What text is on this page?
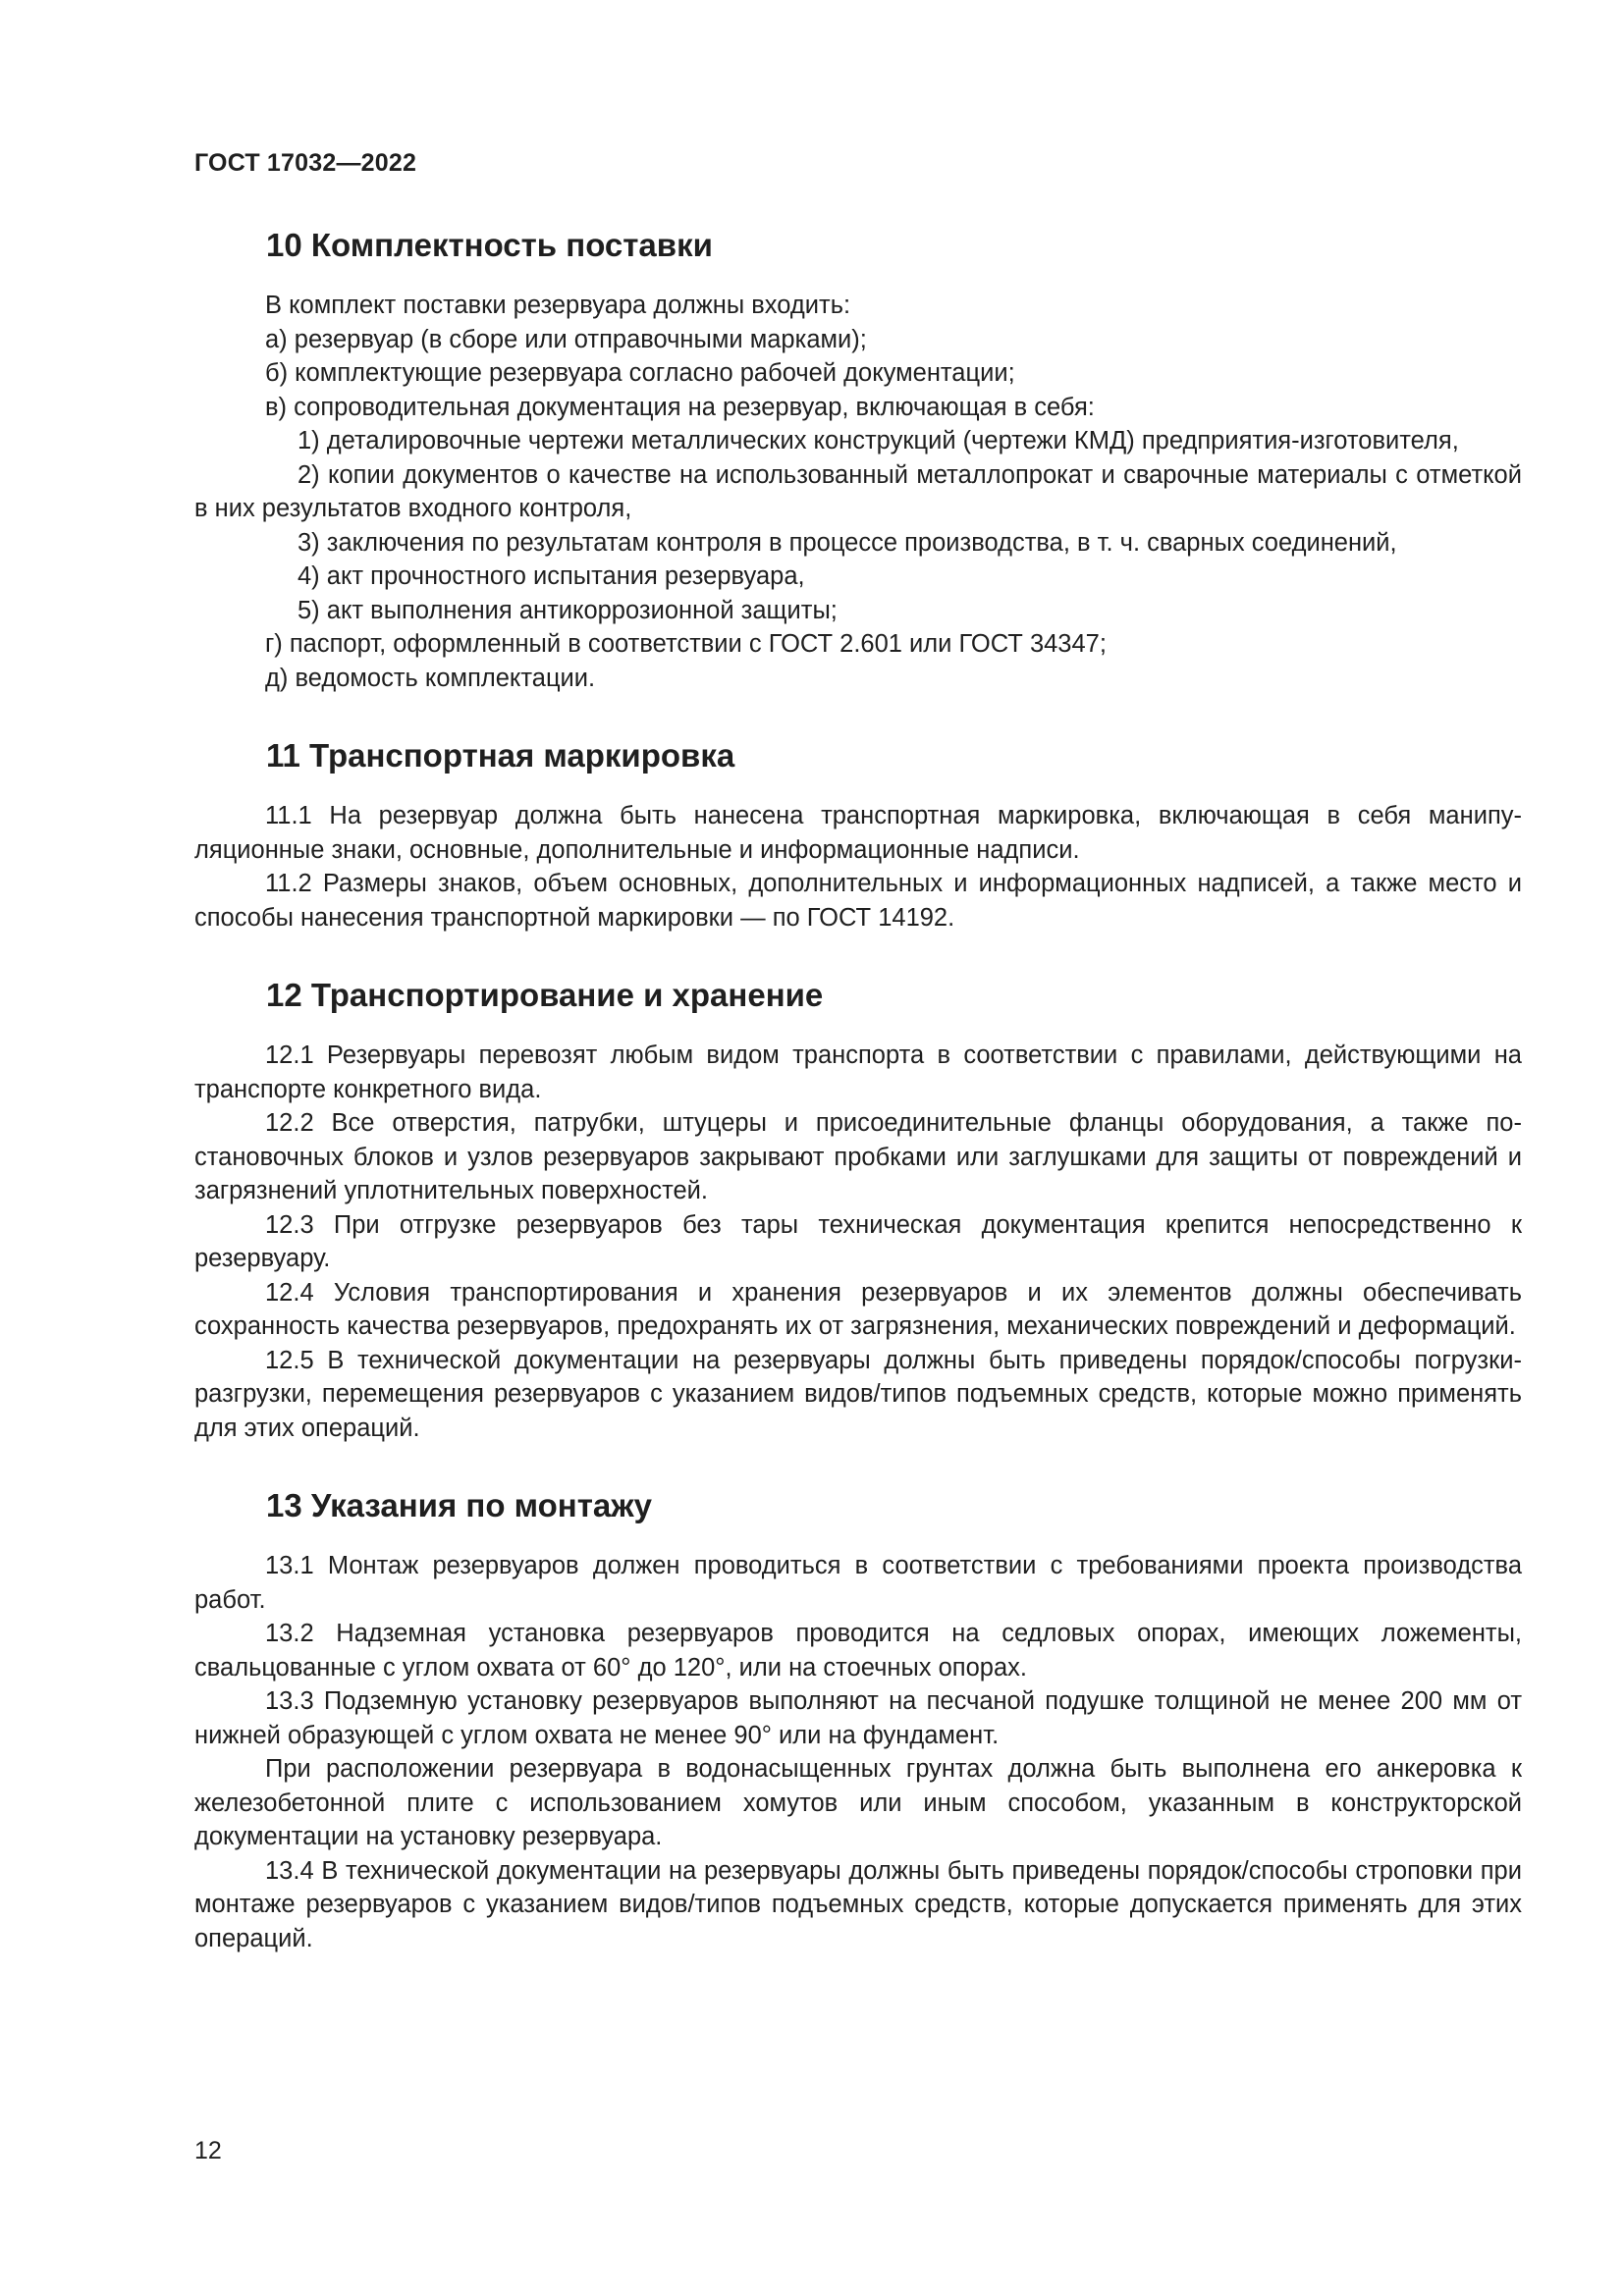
ГОСТ 17032—2022
10 Комплектность поставки

В комплект поставки резервуара должны входить:

а) резервуар (в сборе или отправочными марками);

б) комплектующие резервуара согласно рабочей документации;

в) сопроводительная документация на резервуар, включающая в себя:

1) деталировочные чертежи металлических конструкций (чертежи КМД) предприятия-изготовителя,

2) копии документов о качестве на использованный металлопрокат и сварочные материалы с отметкой в них результатов входного контроля,

3) заключения по результатам контроля в процессе производства, в т. ч. сварных соединений,

4) акт прочностного испытания резервуара,

5) акт выполнения антикоррозионной защиты;

г) паспорт, оформленный в соответствии с ГОСТ 2.601 или ГОСТ 34347;

д) ведомость комплектации.

11 Транспортная маркировка

11.1 На резервуар должна быть нанесена транспортная маркировка, включающая в себя манипуляционные знаки, основные, дополнительные и информационные надписи.

11.2 Размеры знаков, объем основных, дополнительных и информационных надписей, а также место и способы нанесения транспортной маркировки — по ГОСТ 14192.

12 Транспортирование и хранение

12.1 Резервуары перевозят любым видом транспорта в соответствии с правилами, действующими на транспорте конкретного вида.

12.2 Все отверстия, патрубки, штуцеры и присоединительные фланцы оборудования, а также постановочных блоков и узлов резервуаров закрывают пробками или заглушками для защиты от повреждений и загрязнений уплотнительных поверхностей.

12.3 При отгрузке резервуаров без тары техническая документация крепится непосредственно к резервуару.

12.4 Условия транспортирования и хранения резервуаров и их элементов должны обеспечивать сохранность качества резервуаров, предохранять их от загрязнения, механических повреждений и деформаций.

12.5 В технической документации на резервуары должны быть приведены порядок/способы погрузки-разгрузки, перемещения резервуаров с указанием видов/типов подъемных средств, которые можно применять для этих операций.

13 Указания по монтажу

13.1 Монтаж резервуаров должен проводиться в соответствии с требованиями проекта производства работ.

13.2 Надземная установка резервуаров проводится на седловых опорах, имеющих ложементы, свальцованные с углом охвата от 60° до 120°, или на стоечных опорах.

13.3 Подземную установку резервуаров выполняют на песчаной подушке толщиной не менее 200 мм от нижней образующей с углом охвата не менее 90° или на фундамент.

При расположении резервуара в водонасыщенных грунтах должна быть выполнена его анкеровка к железобетонной плите с использованием хомутов или иным способом, указанным в конструкторской документации на установку резервуара.

13.4 В технической документации на резервуары должны быть приведены порядок/способы строповки при монтаже резервуаров с указанием видов/типов подъемных средств, которые допускается применять для этих операций.

12
